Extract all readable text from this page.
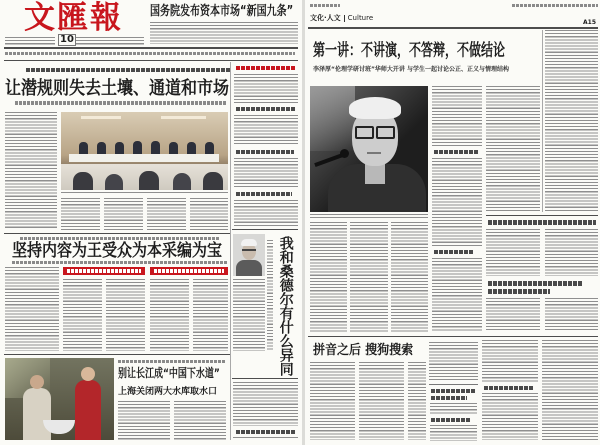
文匯報
10
国务院发布资本市场“新国九条”
让潜规则失去土壤、通道和市场
坚持内容为王受众为本采编为宝	我和桑德尔有什么异同
别让长江成“中国下水道”
上海关闭两大水库取水口
文化·人文 Culture
A15
第一讲：不讲演，不答辩，不做结论
李泽厚“伦理学研讨班”华师大开讲 与学生一起讨论公正、正义与情理结构
拼音之后 搜狗搜索
